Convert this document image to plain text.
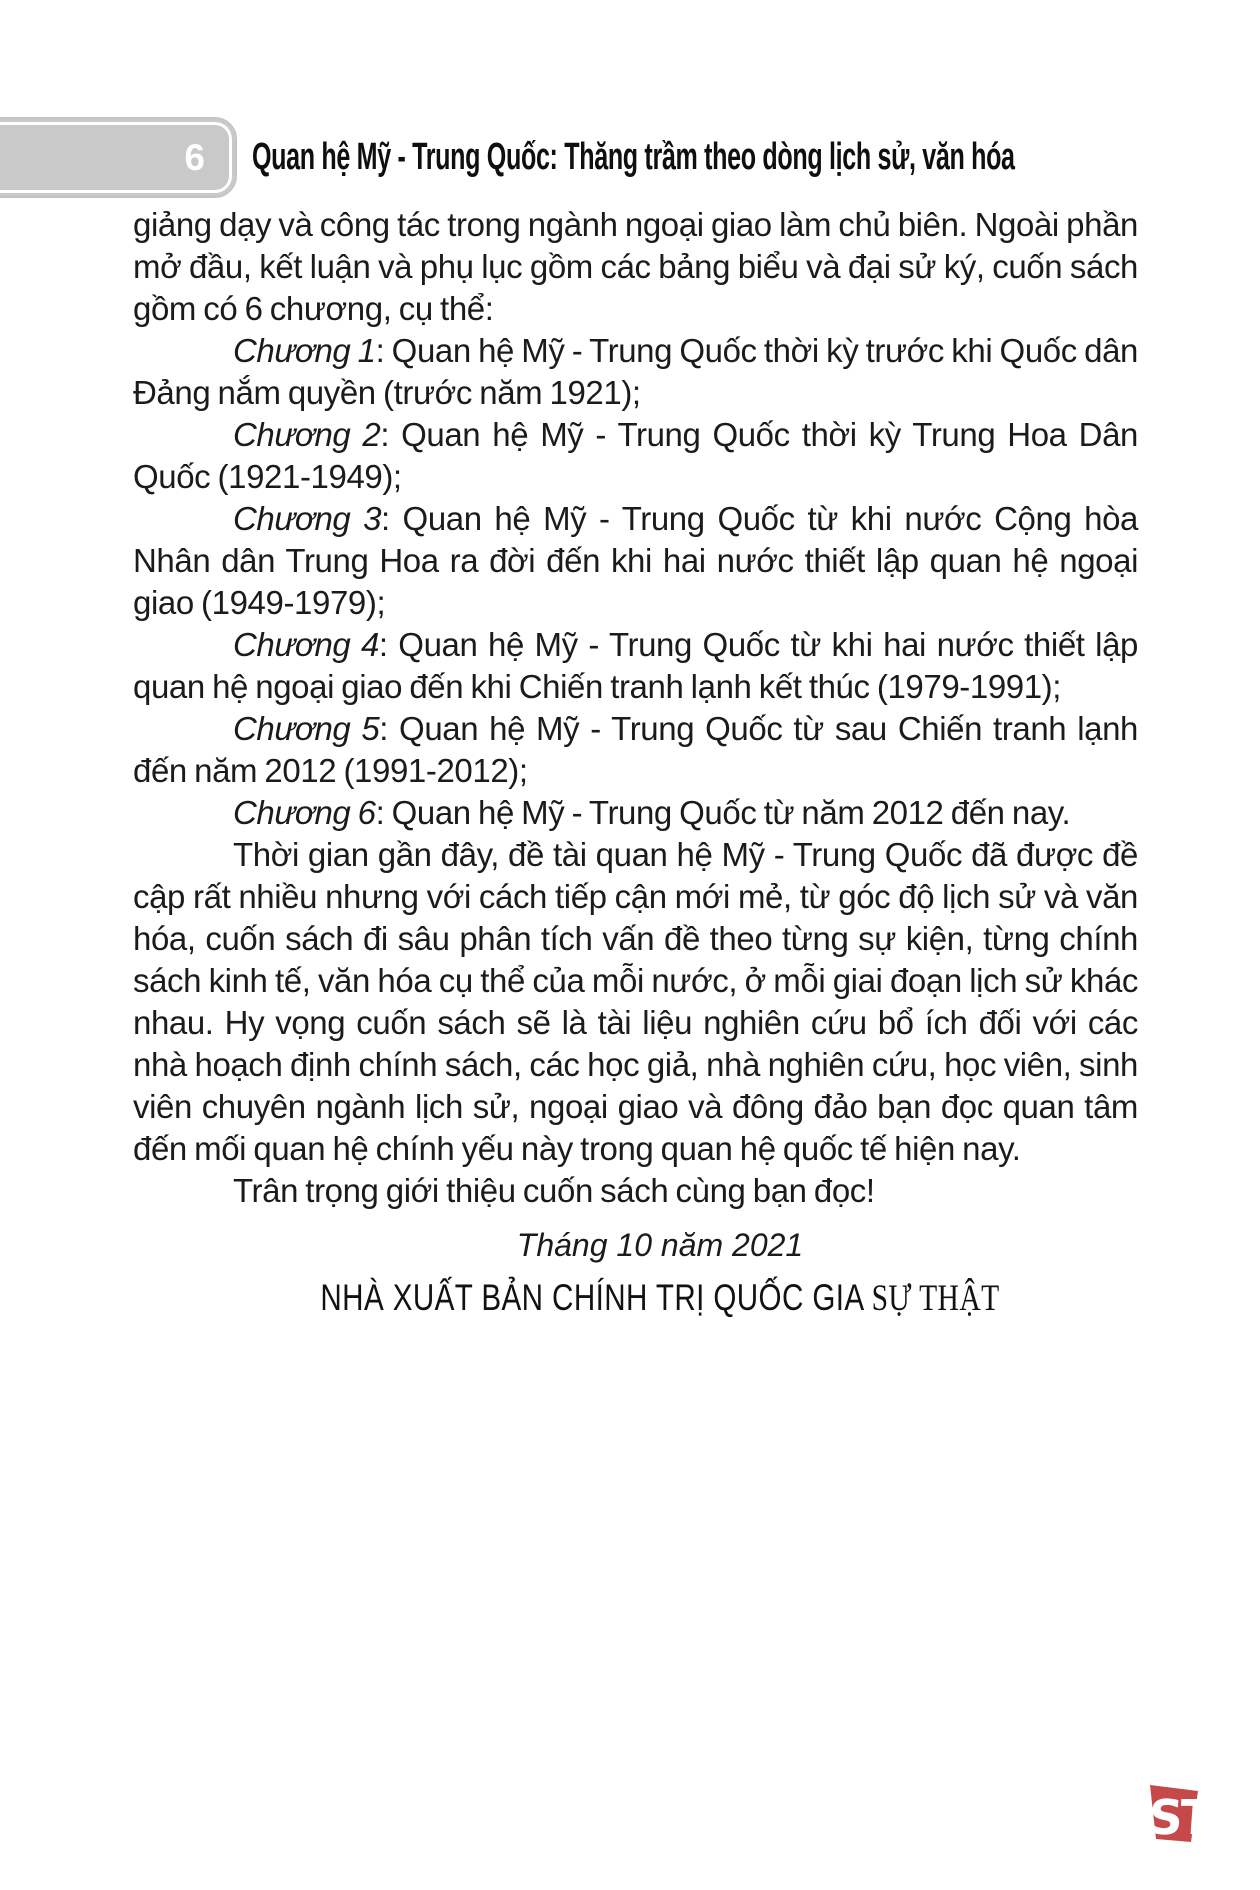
6	Quan hệ Mỹ - Trung Quốc: Thăng trầm theo dòng lịch sử, văn hóa

giảng dạy và công tác trong ngành ngoại giao làm chủ biên. Ngoài phần mở đầu, kết luận và phụ lục gồm các bảng biểu và đại sử ký, cuốn sách gồm có 6 chương, cụ thể:

Chương 1: Quan hệ Mỹ - Trung Quốc thời kỳ trước khi Quốc dân Đảng nắm quyền (trước năm 1921);

Chương 2: Quan hệ Mỹ - Trung Quốc thời kỳ Trung Hoa Dân Quốc (1921-1949);

Chương 3: Quan hệ Mỹ - Trung Quốc từ khi nước Cộng hòa Nhân dân Trung Hoa ra đời đến khi hai nước thiết lập quan hệ ngoại giao (1949-1979);

Chương 4: Quan hệ Mỹ - Trung Quốc từ khi hai nước thiết lập quan hệ ngoại giao đến khi Chiến tranh lạnh kết thúc (1979-1991);

Chương 5: Quan hệ Mỹ - Trung Quốc từ sau Chiến tranh lạnh đến năm 2012 (1991-2012);

Chương 6: Quan hệ Mỹ - Trung Quốc từ năm 2012 đến nay.

Thời gian gần đây, đề tài quan hệ Mỹ - Trung Quốc đã được đề cập rất nhiều nhưng với cách tiếp cận mới mẻ, từ góc độ lịch sử và văn hóa, cuốn sách đi sâu phân tích vấn đề theo từng sự kiện, từng chính sách kinh tế, văn hóa cụ thể của mỗi nước, ở mỗi giai đoạn lịch sử khác nhau. Hy vọng cuốn sách sẽ là tài liệu nghiên cứu bổ ích đối với các nhà hoạch định chính sách, các học giả, nhà nghiên cứu, học viên, sinh viên chuyên ngành lịch sử, ngoại giao và đông đảo bạn đọc quan tâm đến mối quan hệ chính yếu này trong quan hệ quốc tế hiện nay.

Trân trọng giới thiệu cuốn sách cùng bạn đọc!

Tháng 10 năm 2021
NHÀ XUẤT BẢN CHÍNH TRỊ QUỐC GIA SỰ THẬT
ST
